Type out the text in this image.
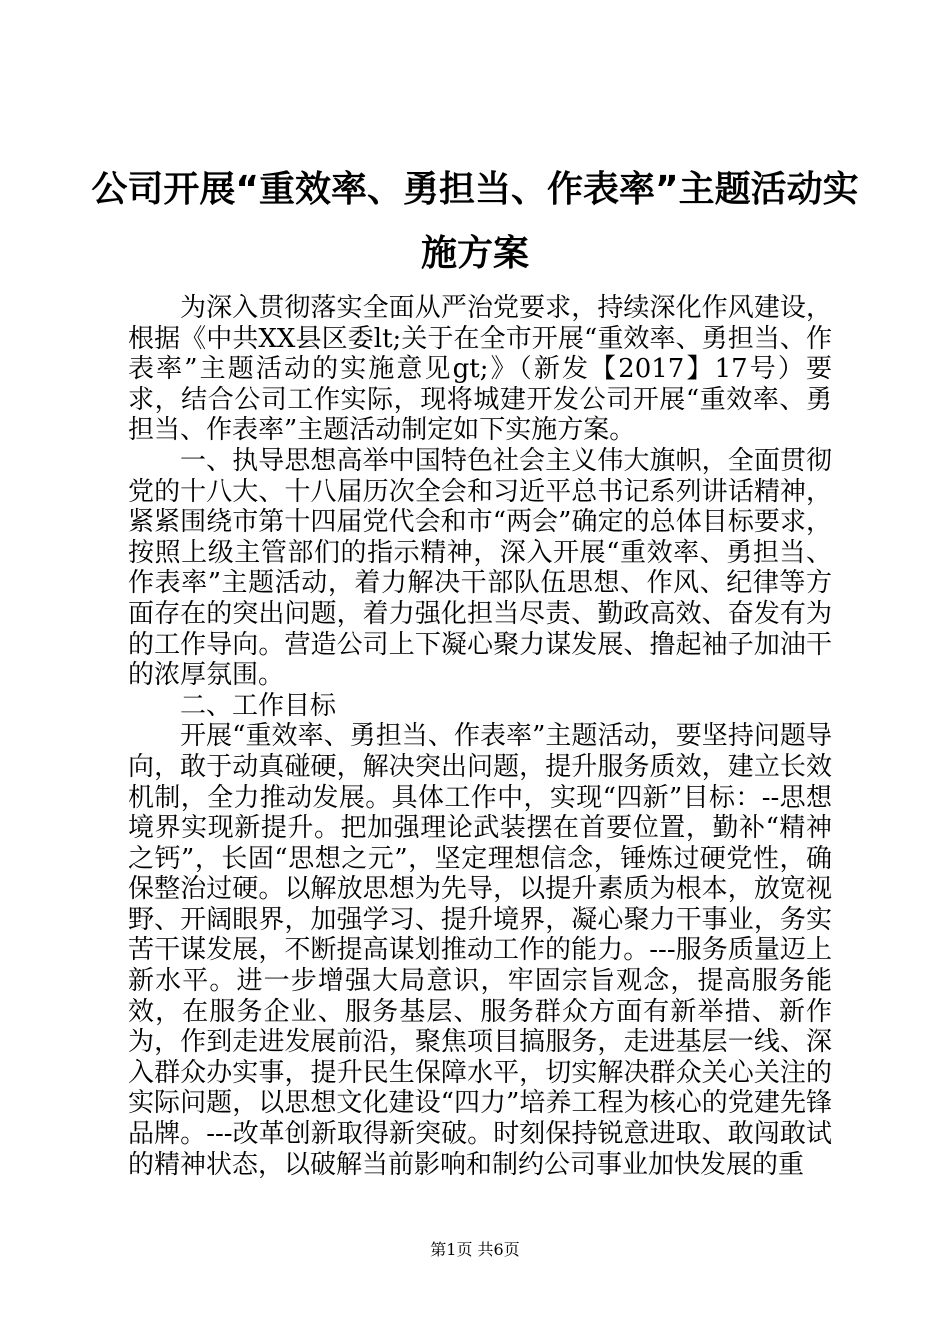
公司开展“重效率、勇担当、作表率”主题活动实施方案

为深入贯彻落实全面从严治党要求，持续深化作风建设，根据《中共XX县区委lt;关于在全市开展“重效率、勇担当、作表率”主题活动的实施意见gt;》（新发【2017】17号）要求，结合公司工作实际，现将城建开发公司开展“重效率、勇担当、作表率”主题活动制定如下实施方案。

一、执导思想高举中国特色社会主义伟大旗帜，全面贯彻党的十八大、十八届历次全会和习近平总书记系列讲话精神，紧紧围绕市第十四届党代会和市“两会”确定的总体目标要求，按照上级主管部们的指示精神，深入开展“重效率、勇担当、作表率”主题活动，着力解决干部队伍思想、作风、纪律等方面存在的突出问题，着力强化担当尽责、勤政高效、奋发有为的工作导向。营造公司上下凝心聚力谋发展、撸起袖子加油干的浓厚氛围。

二、工作目标

开展“重效率、勇担当、作表率”主题活动，要坚持问题导向，敢于动真碰硬，解决突出问题，提升服务质效，建立长效机制，全力推动发展。具体工作中，实现“四新”目标：--思想境界实现新提升。把加强理论武装摆在首要位置，勤补“精神之钙”，长固“思想之元”，坚定理想信念，锤炼过硬党性，确保整治过硬。以解放思想为先导，以提升素质为根本，放宽视野、开阔眼界，加强学习、提升境界，凝心聚力干事业，务实苦干谋发展，不断提高谋划推动工作的能力。---服务质量迈上新水平。进一步增强大局意识，牢固宗旨观念，提高服务能效，在服务企业、服务基层、服务群众方面有新举措、新作为，作到走进发展前沿，聚焦项目搞服务，走进基层一线、深入群众办实事，提升民生保障水平，切实解决群众关心关注的实际问题，以思想文化建设“四力”培养工程为核心的党建先锋品牌。---改革创新取得新突破。时刻保持锐意进取、敢闯敢试的精神状态，以破解当前影响和制约公司事业加快发展的重

第1页 共6页
